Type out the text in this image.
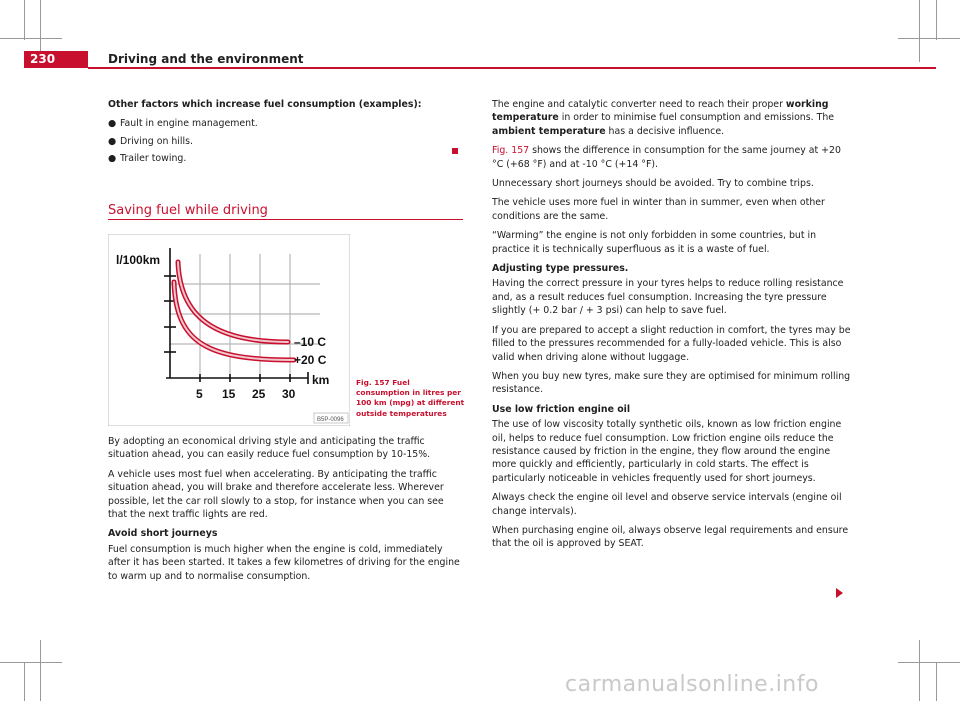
230	Driving and the environment

Other factors which increase fuel consumption (examples):

● Fault in engine management.
● Driving on hills.
● Trailer towing.
Saving fuel while driving
l/100km
km
5 15 25 30
–10 C
+20 C
B5P-0096
Fig. 157 Fuel consumption in litres per 100 km (mpg) at different outside temperatures

By adopting an economical driving style and anticipating the traffic situation ahead, you can easily reduce fuel consumption by 10-15%.

A vehicle uses most fuel when accelerating. By anticipating the traffic situation ahead, you will brake and therefore accelerate less. Wherever possible, let the car roll slowly to a stop, for instance when you can see that the next traffic lights are red.

Avoid short journeys

Fuel consumption is much higher when the engine is cold, immediately after it has been started. It takes a few kilometres of driving for the engine to warm up and to normalise consumption.

The engine and catalytic converter need to reach their proper working temperature in order to minimise fuel consumption and emissions. The ambient temperature has a decisive influence.

Fig. 157 shows the difference in consumption for the same journey at +20 °C (+68 °F) and at -10 °C (+14 °F).

Unnecessary short journeys should be avoided. Try to combine trips.

The vehicle uses more fuel in winter than in summer, even when other conditions are the same.

“Warming” the engine is not only forbidden in some countries, but in practice it is technically superfluous as it is a waste of fuel.

Adjusting type pressures.

Having the correct pressure in your tyres helps to reduce rolling resistance and, as a result reduces fuel consumption. Increasing the tyre pressure slightly (+ 0.2 bar / + 3 psi) can help to save fuel.

If you are prepared to accept a slight reduction in comfort, the tyres may be filled to the pressures recommended for a fully-loaded vehicle. This is also valid when driving alone without luggage.

When you buy new tyres, make sure they are optimised for minimum rolling resistance.

Use low friction engine oil

The use of low viscosity totally synthetic oils, known as low friction engine oil, helps to reduce fuel consumption. Low friction engine oils reduce the resistance caused by friction in the engine, they flow around the engine more quickly and efficiently, particularly in cold starts. The effect is particularly noticeable in vehicles frequently used for short journeys.

Always check the engine oil level and observe service intervals (engine oil change intervals).

When purchasing engine oil, always observe legal requirements and ensure that the oil is approved by SEAT.

carmanualsonline.info
